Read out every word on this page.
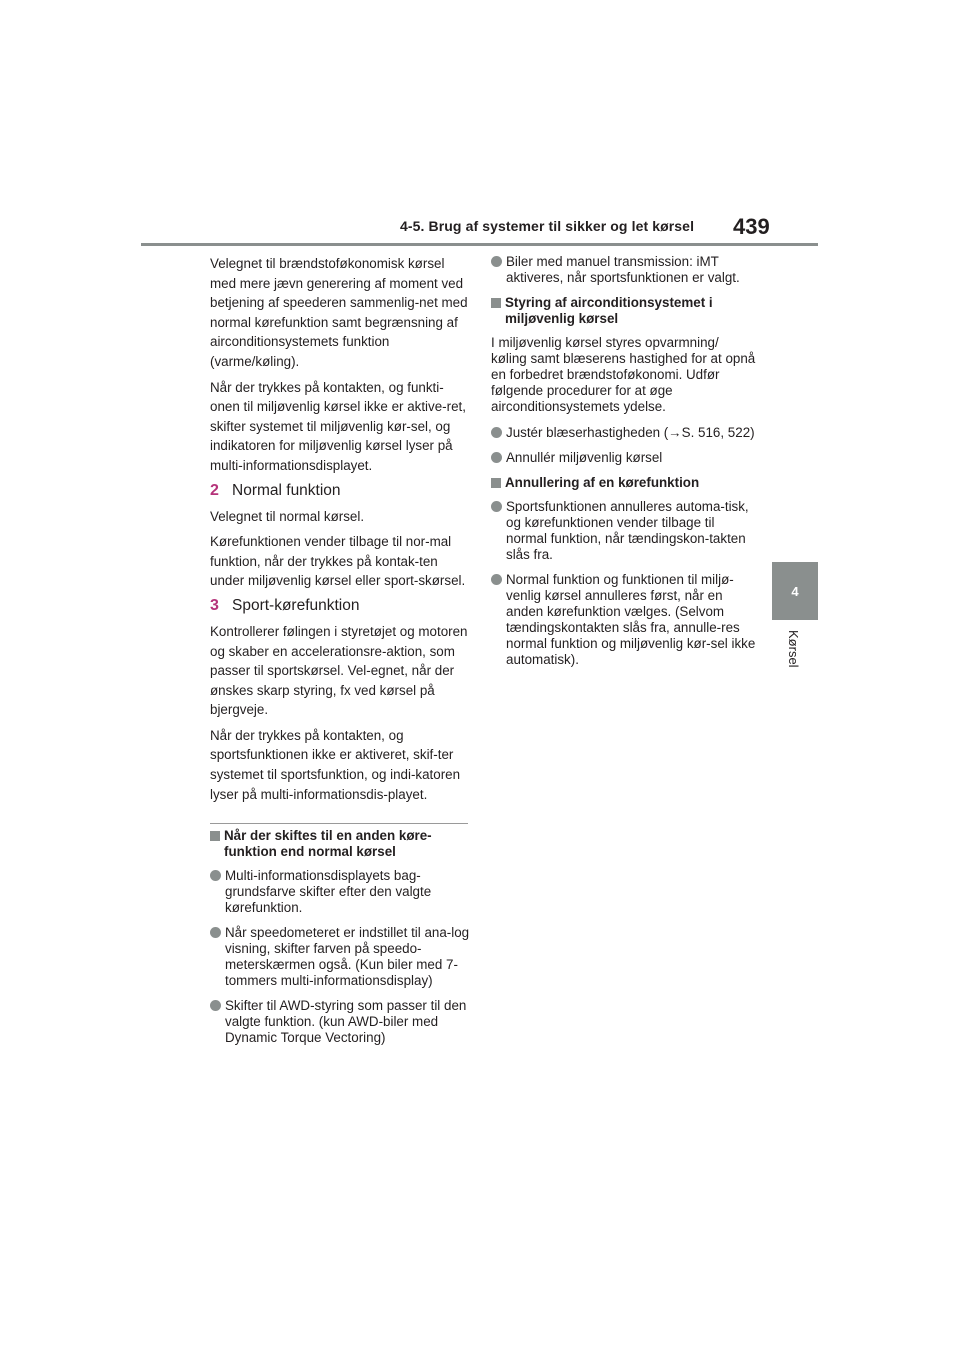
4-5. Brug af systemer til sikker og let kørsel 439
4
Kørsel

Velegnet til brændstoføkonomisk kørsel med mere jævn generering af moment ved betjening af speederen sammenlig-net med normal kørefunktion samt begrænsning af airconditionsystemets funktion (varme/køling).

Når der trykkes på kontakten, og funkti-onen til miljøvenlig kørsel ikke er aktive-ret, skifter systemet til miljøvenlig kør-sel, og indikatoren for miljøvenlig kørsel lyser på multi-informationsdisplayet.

2 Normal funktion

Velegnet til normal kørsel.

Kørefunktionen vender tilbage til nor-mal funktion, når der trykkes på kontak-ten under miljøvenlig kørsel eller sport-skørsel.

3 Sport-kørefunktion

Kontrollerer følingen i styretøjet og motoren og skaber en accelerationsre-aktion, som passer til sportskørsel. Vel-egnet, når der ønskes skarp styring, fx ved kørsel på bjergveje.

Når der trykkes på kontakten, og sportsfunktionen ikke er aktiveret, skif-ter systemet til sportsfunktion, og indi-katoren lyser på multi-informationsdis-playet.

Når der skiftes til en anden køre-funktion end normal kørsel
Multi-informationsdisplayets bag-grundsfarve skifter efter den valgte kørefunktion.
Når speedometeret er indstillet til ana-log visning, skifter farven på speedo-meterskærmen også. (Kun biler med 7-tommers multi-informationsdisplay)
Skifter til AWD-styring som passer til den valgte funktion. (kun AWD-biler med Dynamic Torque Vectoring)
Biler med manuel transmission: iMT aktiveres, når sportsfunktionen er valgt.
Styring af airconditionsystemet i miljøvenlig kørsel

I miljøvenlig kørsel styres opvarmning/ køling samt blæserens hastighed for at opnå en forbedret brændstoføkonomi. Udfør følgende procedurer for at øge airconditionsystemets ydelse.

Justér blæserhastigheden (→S. 516, 522)
Annullér miljøvenlig kørsel
Annullering af en kørefunktion
Sportsfunktionen annulleres automa-tisk, og kørefunktionen vender tilbage til normal funktion, når tændingskon-takten slås fra.
Normal funktion og funktionen til miljø-venlig kørsel annulleres først, når en anden kørefunktion vælges. (Selvom tændingskontakten slås fra, annulle-res normal funktion og miljøvenlig kør-sel ikke automatisk).
